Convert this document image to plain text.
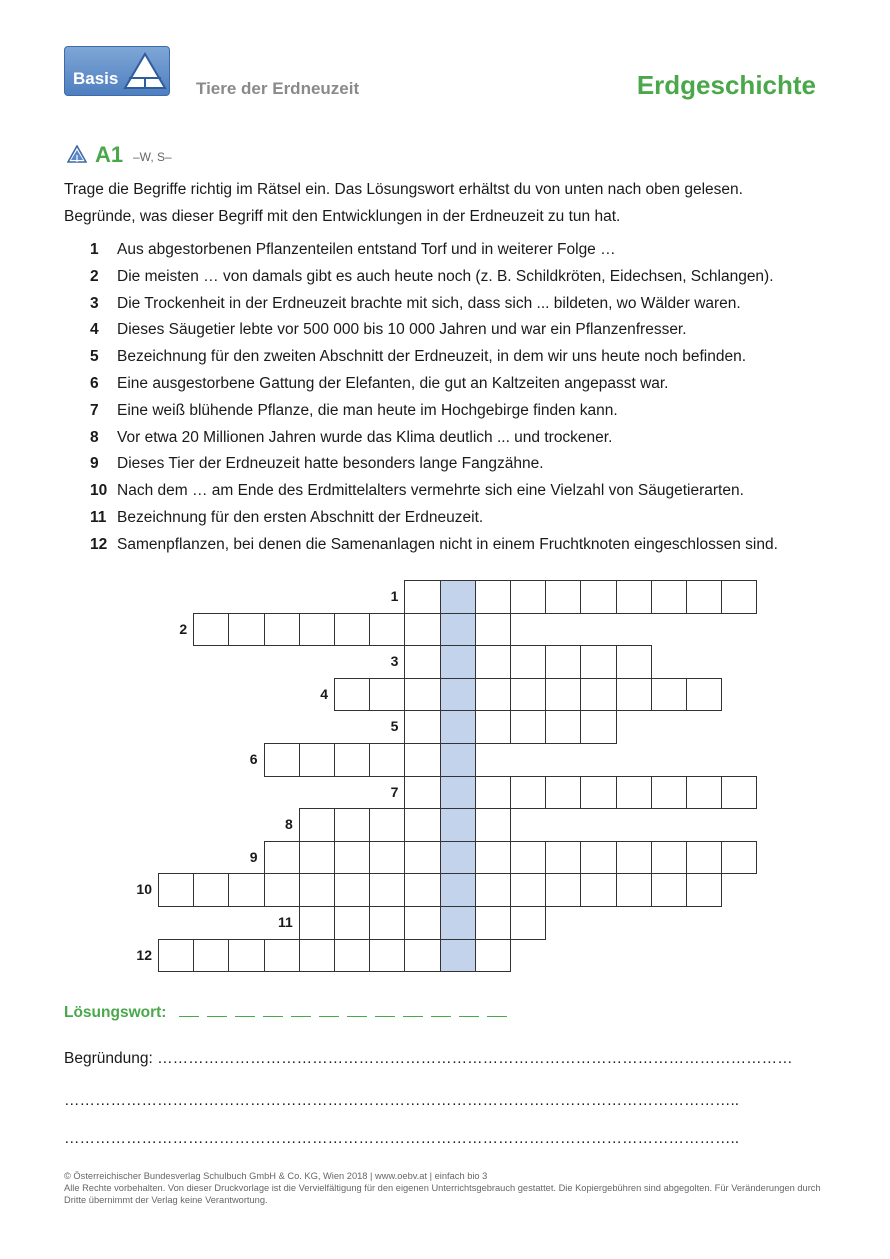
Basis
Tiere der Erdneuzeit	Erdgeschichte
A1 –W, S–
Trage die Begriffe richtig im Rätsel ein. Das Lösungswort erhältst du von unten nach oben gelesen.
Begründe, was dieser Begriff mit den Entwicklungen in der Erdneuzeit zu tun hat.
1	Aus abgestorbenen Pflanzenteilen entstand Torf und in weiterer Folge …
2	Die meisten … von damals gibt es auch heute noch (z. B. Schildkröten, Eidechsen, Schlangen).
3	Die Trockenheit in der Erdneuzeit brachte mit sich, dass sich ... bildeten, wo Wälder waren.
4	Dieses Säugetier lebte vor 500 000 bis 10 000 Jahren und war ein Pflanzenfresser.
5	Bezeichnung für den zweiten Abschnitt der Erdneuzeit, in dem wir uns heute noch befinden.
6	Eine ausgestorbene Gattung der Elefanten, die gut an Kaltzeiten angepasst war.
7	Eine weiß blühende Pflanze, die man heute im Hochgebirge finden kann.
8	Vor etwa 20 Millionen Jahren wurde das Klima deutlich ... und trockener.
9	Dieses Tier der Erdneuzeit hatte besonders lange Fangzähne.
10 Nach dem … am Ende des Erdmittelalters vermehrte sich eine Vielzahl von Säugetierarten.
11 Bezeichnung für den ersten Abschnitt der Erdneuzeit.
12 Samenpflanzen, bei denen die Samenanlagen nicht in einem Fruchtknoten eingeschlossen sind.
1
2
3
4
5
6
7
8
9
10
11
12
Lösungswort:
Begründung: ……………………………………………………………………………………………………………
…………………………………………………………………………………………………………………..
…………………………………………………………………………………………………………………..
© Österreichischer Bundesverlag Schulbuch GmbH & Co. KG, Wien 2018 | www.oebv.at | einfach bio 3
Alle Rechte vorbehalten. Von dieser Druckvorlage ist die Vervielfältigung für den eigenen Unterrichtsgebrauch gestattet. Die Kopiergebühren sind abgegolten. Für Veränderungen durch Dritte übernimmt der Verlag keine Verantwortung.
